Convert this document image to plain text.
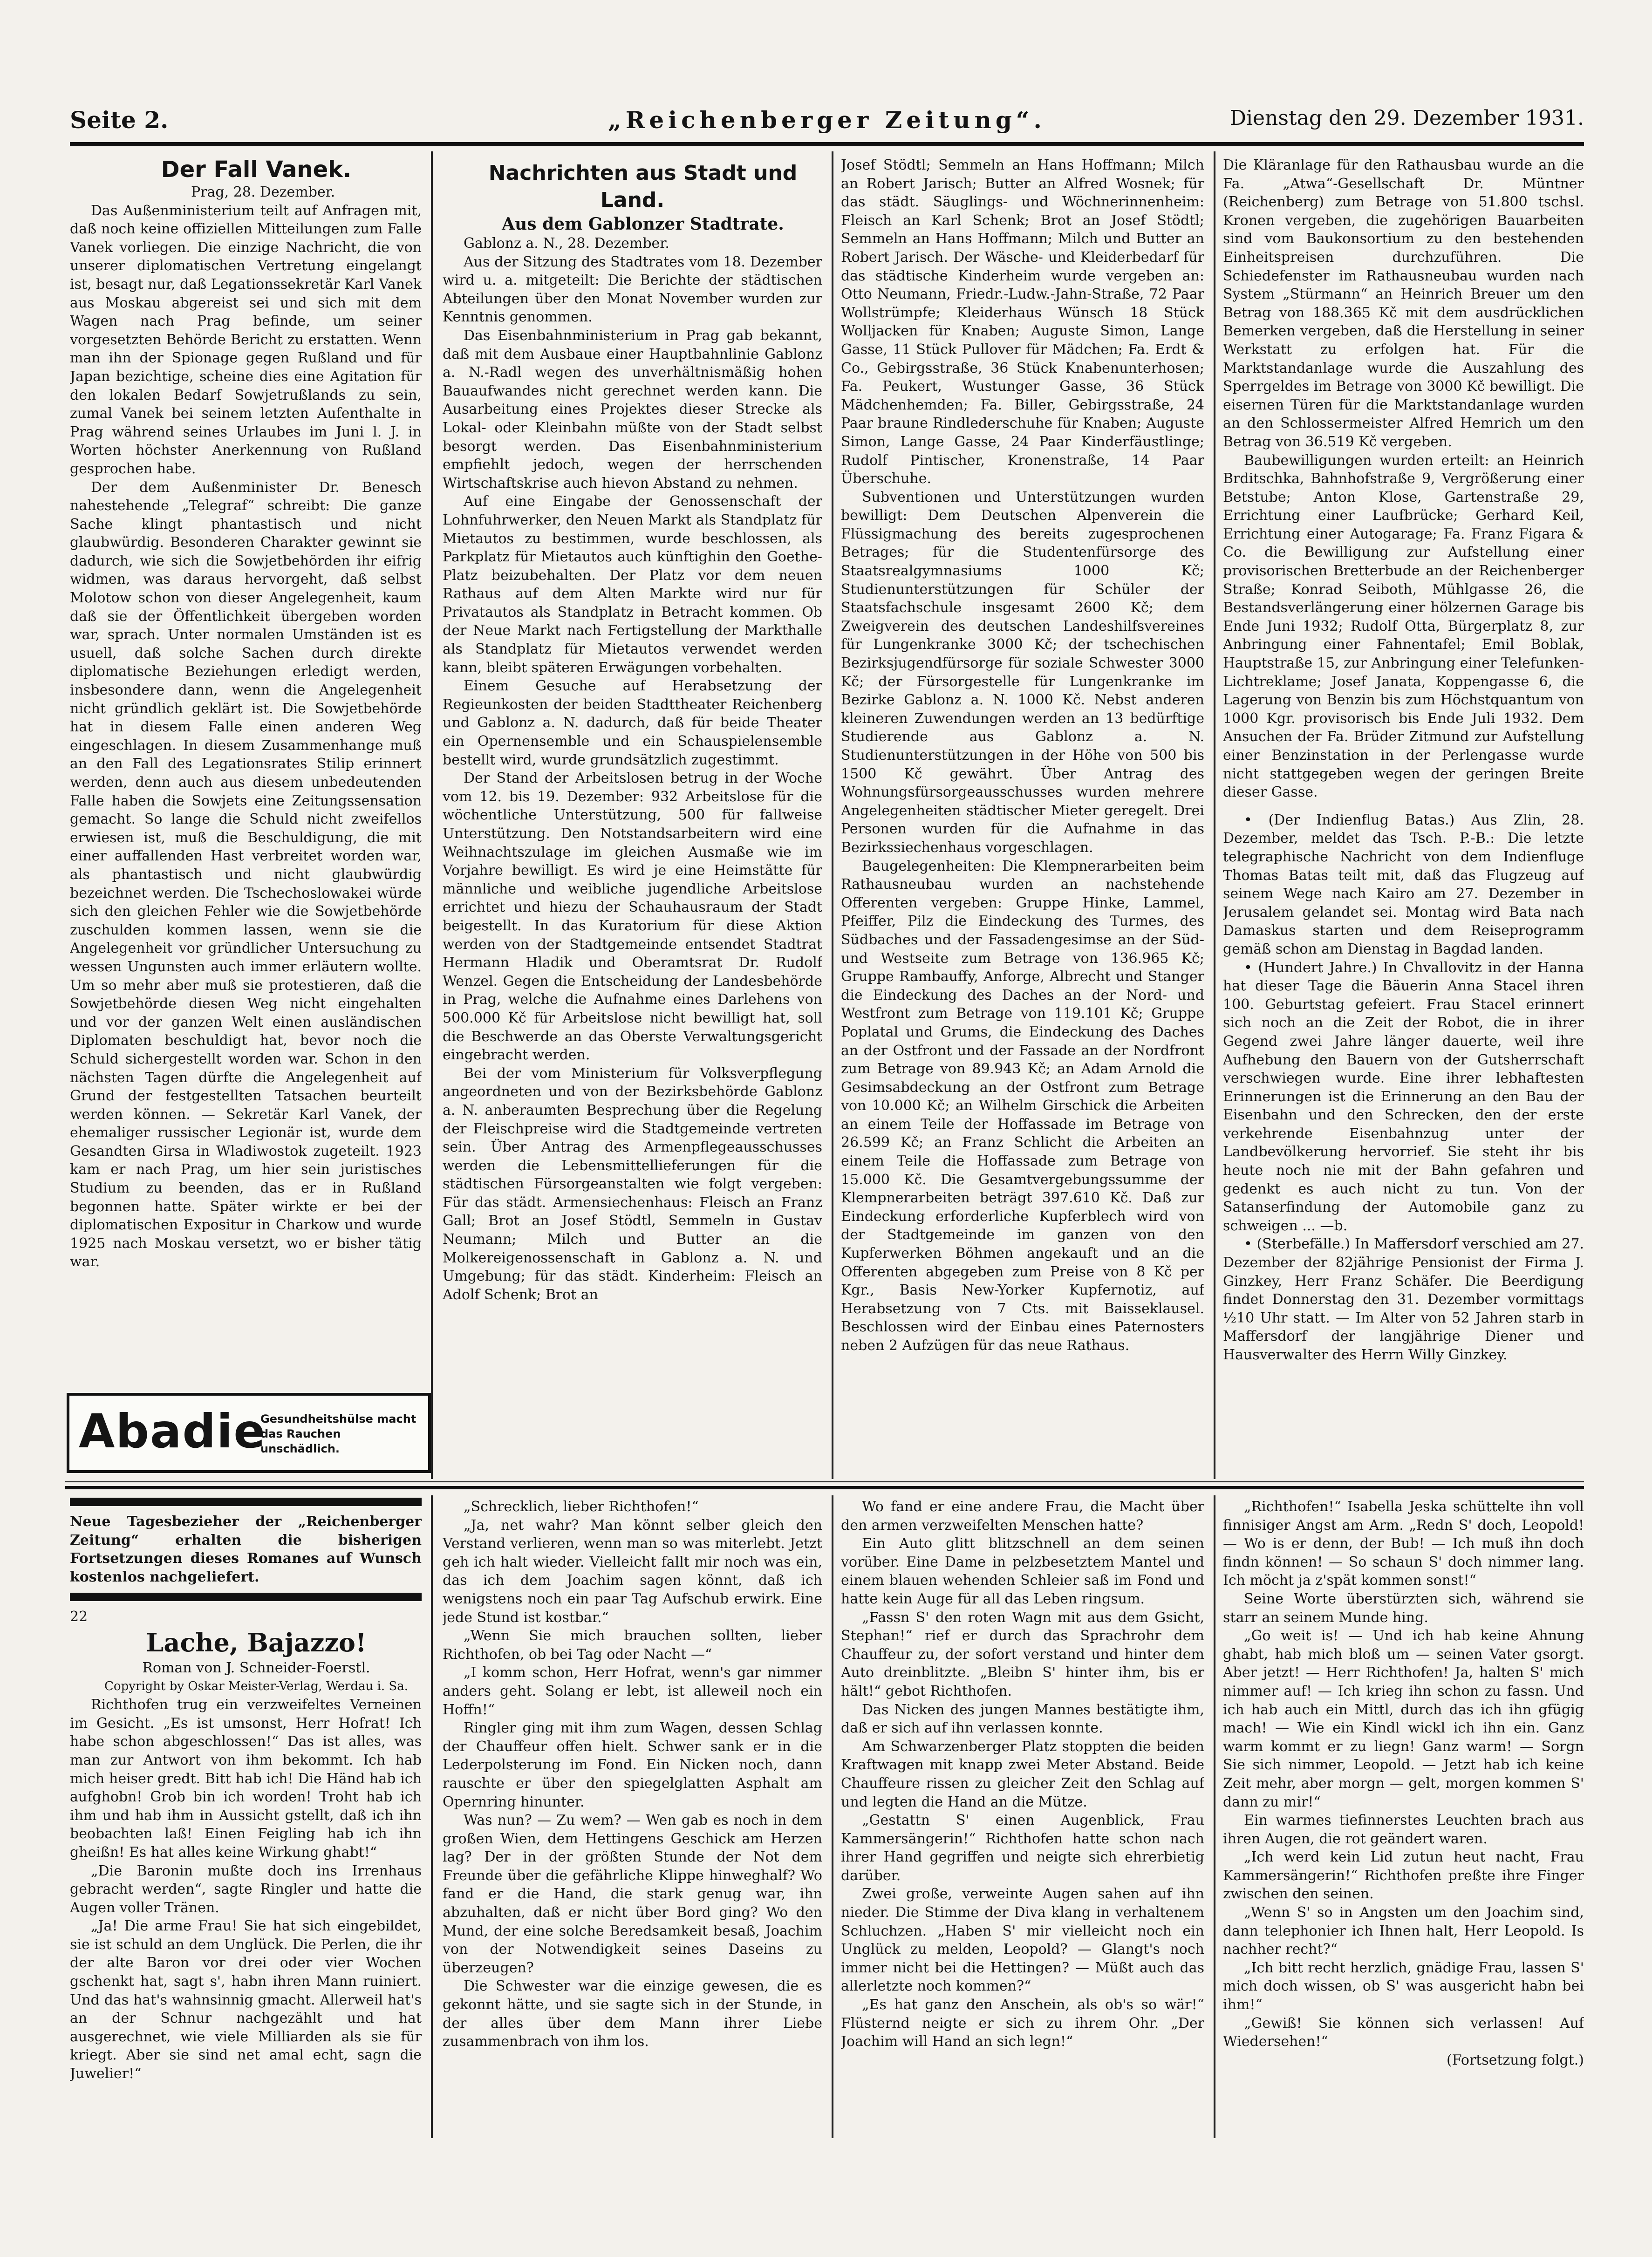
Seite 2.	„Reichenberger Zeitung“.	Dienstag den 29. Dezember 1931.

Der Fall Vanek.

Prag, 28. Dezember.

Das Außenministerium teilt auf Anfragen mit, daß noch keine offiziellen Mitteilungen zum Falle Vanek vorliegen. Die einzige Nachricht, die von unserer diplomatischen Vertretung eingelangt ist, besagt nur, daß Legationssekretär Karl Vanek aus Moskau abgereist sei und sich mit dem Wagen nach Prag befinde, um seiner vorgesetzten Behörde Bericht zu erstatten. Wenn man ihn der Spionage gegen Rußland und für Japan bezichtige, scheine dies eine Agitation für den lokalen Bedarf Sowjetrußlands zu sein, zumal Vanek bei seinem letzten Aufenthalte in Prag während seines Urlaubes im Juni l. J. in Worten höchster Anerkennung von Rußland gesprochen habe.

Der dem Außenminister Dr. Benesch nahestehende „Telegraf“ schreibt: Die ganze Sache klingt phantastisch und nicht glaubwürdig. Besonderen Charakter gewinnt sie dadurch, wie sich die Sowjetbehörden ihr eifrig widmen, was daraus hervorgeht, daß selbst Molotow schon von dieser Angelegenheit, kaum daß sie der Öffentlichkeit übergeben worden war, sprach. Unter normalen Umständen ist es usuell, daß solche Sachen durch direkte diplomatische Beziehungen erledigt werden, insbesondere dann, wenn die Angelegenheit nicht gründlich geklärt ist. Die Sowjetbehörde hat in diesem Falle einen anderen Weg eingeschlagen. In diesem Zusammenhange muß an den Fall des Legationsrates Stilip erinnert werden, denn auch aus diesem unbedeutenden Falle haben die Sowjets eine Zeitungssensation gemacht. So lange die Schuld nicht zweifellos erwiesen ist, muß die Beschuldigung, die mit einer auffallenden Hast verbreitet worden war, als phantastisch und nicht glaubwürdig bezeichnet werden. Die Tschechoslowakei würde sich den gleichen Fehler wie die Sowjetbehörde zuschulden kommen lassen, wenn sie die Angelegenheit vor gründlicher Untersuchung zu wessen Ungunsten auch immer erläutern wollte. Um so mehr aber muß sie protestieren, daß die Sowjetbehörde diesen Weg nicht eingehalten und vor der ganzen Welt einen ausländischen Diplomaten beschuldigt hat, bevor noch die Schuld sichergestellt worden war. Schon in den nächsten Tagen dürfte die Angelegenheit auf Grund der festgestellten Tatsachen beurteilt werden können. — Sekretär Karl Vanek, der ehemaliger russischer Legionär ist, wurde dem Gesandten Girsa in Wladiwostok zugeteilt. 1923 kam er nach Prag, um hier sein juristisches Studium zu beenden, das er in Rußland begonnen hatte. Später wirkte er bei der diplomatischen Expositur in Charkow und wurde 1925 nach Moskau versetzt, wo er bisher tätig war.

Abadie
Gesundheitshülse macht das Rauchen unschädlich.

Nachrichten aus Stadt und Land.

Aus dem Gablonzer Stadtrate.

Gablonz a. N., 28. Dezember.

Aus der Sitzung des Stadtrates vom 18. Dezember wird u. a. mitgeteilt: Die Berichte der städtischen Abteilungen über den Monat November wurden zur Kenntnis genommen.

Das Eisenbahnministerium in Prag gab bekannt, daß mit dem Ausbaue einer Hauptbahnlinie Gablonz a. N.-Radl wegen des unverhältnismäßig hohen Bauaufwandes nicht gerechnet werden kann. Die Ausarbeitung eines Projektes dieser Strecke als Lokal- oder Kleinbahn müßte von der Stadt selbst besorgt werden. Das Eisenbahnministerium empfiehlt jedoch, wegen der herrschenden Wirtschaftskrise auch hievon Abstand zu nehmen.

Auf eine Eingabe der Genossenschaft der Lohnfuhrwerker, den Neuen Markt als Standplatz für Mietautos zu bestimmen, wurde beschlossen, als Parkplatz für Mietautos auch künftighin den Goethe-Platz beizubehalten. Der Platz vor dem neuen Rathaus auf dem Alten Markte wird nur für Privatautos als Standplatz in Betracht kommen. Ob der Neue Markt nach Fertigstellung der Markthalle als Standplatz für Mietautos verwendet werden kann, bleibt späteren Erwägungen vorbehalten.

Einem Gesuche auf Herabsetzung der Regieunkosten der beiden Stadttheater Reichenberg und Gablonz a. N. dadurch, daß für beide Theater ein Opernensemble und ein Schauspielensemble bestellt wird, wurde grundsätzlich zugestimmt.

Der Stand der Arbeitslosen betrug in der Woche vom 12. bis 19. Dezember: 932 Arbeitslose für die wöchentliche Unterstützung, 500 für fallweise Unterstützung. Den Notstandsarbeitern wird eine Weihnachtszulage im gleichen Ausmaße wie im Vorjahre bewilligt. Es wird je eine Heimstätte für männliche und weibliche jugendliche Arbeitslose errichtet und hiezu der Schauhausraum der Stadt beigestellt. In das Kuratorium für diese Aktion werden von der Stadtgemeinde entsendet Stadtrat Hermann Hladik und Oberamtsrat Dr. Rudolf Wenzel. Gegen die Entscheidung der Landesbehörde in Prag, welche die Aufnahme eines Darlehens von 500.000 Kč für Arbeitslose nicht bewilligt hat, soll die Beschwerde an das Oberste Verwaltungsgericht eingebracht werden.

Bei der vom Ministerium für Volksverpflegung angeordneten und von der Bezirksbehörde Gablonz a. N. anberaumten Besprechung über die Regelung der Fleischpreise wird die Stadtgemeinde vertreten sein. Über Antrag des Armenpflegeausschusses werden die Lebensmittellieferungen für die städtischen Fürsorgeanstalten wie folgt vergeben: Für das städt. Armensiechenhaus: Fleisch an Franz Gall; Brot an Josef Stödtl, Semmeln in Gustav Neumann; Milch und Butter an die Molkereigenossenschaft in Gablonz a. N. und Umgebung; für das städt. Kinderheim: Fleisch an Adolf Schenk; Brot an

Josef Stödtl; Semmeln an Hans Hoffmann; Milch an Robert Jarisch; Butter an Alfred Wosnek; für das städt. Säuglings- und Wöchnerinnenheim: Fleisch an Karl Schenk; Brot an Josef Stödtl; Semmeln an Hans Hoffmann; Milch und Butter an Robert Jarisch. Der Wäsche- und Kleiderbedarf für das städtische Kinderheim wurde vergeben an: Otto Neumann, Friedr.-Ludw.-Jahn-Straße, 72 Paar Wollstrümpfe; Kleiderhaus Wünsch 18 Stück Wolljacken für Knaben; Auguste Simon, Lange Gasse, 11 Stück Pullover für Mädchen; Fa. Erdt & Co., Gebirgsstraße, 36 Stück Knabenunterhosen; Fa. Peukert, Wustunger Gasse, 36 Stück Mädchenhemden; Fa. Biller, Gebirgsstraße, 24 Paar braune Rindlederschuhe für Knaben; Auguste Simon, Lange Gasse, 24 Paar Kinderfäustlinge; Rudolf Pintischer, Kronenstraße, 14 Paar Überschuhe.

Subventionen und Unterstützungen wurden bewilligt: Dem Deutschen Alpenverein die Flüssigmachung des bereits zugesprochenen Betrages; für die Studentenfürsorge des Staatsrealgymnasiums 1000 Kč; Studienunterstützungen für Schüler der Staatsfachschule insgesamt 2600 Kč; dem Zweigverein des deutschen Landeshilfsvereines für Lungenkranke 3000 Kč; der tschechischen Bezirksjugendfürsorge für soziale Schwester 3000 Kč; der Fürsorgestelle für Lungenkranke im Bezirke Gablonz a. N. 1000 Kč. Nebst anderen kleineren Zuwendungen werden an 13 bedürftige Studierende aus Gablonz a. N. Studienunterstützungen in der Höhe von 500 bis 1500 Kč gewährt. Über Antrag des Wohnungsfürsorgeausschusses wurden mehrere Angelegenheiten städtischer Mieter geregelt. Drei Personen wurden für die Aufnahme in das Bezirkssiechenhaus vorgeschlagen.

Baugelegenheiten: Die Klempnerarbeiten beim Rathausneubau wurden an nachstehende Offerenten vergeben: Gruppe Hinke, Lammel, Pfeiffer, Pilz die Eindeckung des Turmes, des Südbaches und der Fassadengesimse an der Süd- und Westseite zum Betrage von 136.965 Kč; Gruppe Rambauffy, Anforge, Albrecht und Stanger die Eindeckung des Daches an der Nord- und Westfront zum Betrage von 119.101 Kč; Gruppe Poplatal und Grums, die Eindeckung des Daches an der Ostfront und der Fassade an der Nordfront zum Betrage von 89.943 Kč; an Adam Arnold die Gesimsabdeckung an der Ostfront zum Betrage von 10.000 Kč; an Wilhelm Girschick die Arbeiten an einem Teile der Hoffassade im Betrage von 26.599 Kč; an Franz Schlicht die Arbeiten an einem Teile die Hoffassade zum Betrage von 15.000 Kč. Die Gesamtvergebungssumme der Klempnerarbeiten beträgt 397.610 Kč. Daß zur Eindeckung erforderliche Kupferblech wird von der Stadtgemeinde im ganzen von den Kupferwerken Böhmen angekauft und an die Offerenten abgegeben zum Preise von 8 Kč per Kgr., Basis New-Yorker Kupfernotiz, auf Herabsetzung von 7 Cts. mit Baisseklausel. Beschlossen wird der Einbau eines Paternosters neben 2 Aufzügen für das neue Rathaus.

Die Kläranlage für den Rathausbau wurde an die Fa. „Atwa“-Gesellschaft Dr. Müntner (Reichenberg) zum Betrage von 51.800 tschsl. Kronen vergeben, die zugehörigen Bauarbeiten sind vom Baukonsortium zu den bestehenden Einheitspreisen durchzuführen. Die Schiedefenster im Rathausneubau wurden nach System „Stürmann“ an Heinrich Breuer um den Betrag von 188.365 Kč mit dem ausdrücklichen Bemerken vergeben, daß die Herstellung in seiner Werkstatt zu erfolgen hat. Für die Marktstandanlage wurde die Auszahlung des Sperrgeldes im Betrage von 3000 Kč bewilligt. Die eisernen Türen für die Marktstandanlage wurden an den Schlossermeister Alfred Hemrich um den Betrag von 36.519 Kč vergeben.

Baubewilligungen wurden erteilt: an Heinrich Brditschka, Bahnhofstraße 9, Vergrößerung einer Betstube; Anton Klose, Gartenstraße 29, Errichtung einer Laufbrücke; Gerhard Keil, Errichtung einer Autogarage; Fa. Franz Figara & Co. die Bewilligung zur Aufstellung einer provisorischen Bretterbude an der Reichenberger Straße; Konrad Seiboth, Mühlgasse 26, die Bestandsverlängerung einer hölzernen Garage bis Ende Juni 1932; Rudolf Otta, Bürgerplatz 8, zur Anbringung einer Fahnentafel; Emil Boblak, Hauptstraße 15, zur Anbringung einer Telefunken-Lichtreklame; Josef Janata, Koppengasse 6, die Lagerung von Benzin bis zum Höchstquantum von 1000 Kgr. provisorisch bis Ende Juli 1932. Dem Ansuchen der Fa. Brüder Zitmund zur Aufstellung einer Benzinstation in der Perlengasse wurde nicht stattgegeben wegen der geringen Breite dieser Gasse.

• (Der Indienflug Batas.) Aus Zlin, 28. Dezember, meldet das Tsch. P.-B.: Die letzte telegraphische Nachricht von dem Indienfluge Thomas Batas teilt mit, daß das Flugzeug auf seinem Wege nach Kairo am 27. Dezember in Jerusalem gelandet sei. Montag wird Bata nach Damaskus starten und dem Reiseprogramm gemäß schon am Dienstag in Bagdad landen.

• (Hundert Jahre.) In Chvallovitz in der Hanna hat dieser Tage die Bäuerin Anna Stacel ihren 100. Geburtstag gefeiert. Frau Stacel erinnert sich noch an die Zeit der Robot, die in ihrer Gegend zwei Jahre länger dauerte, weil ihre Aufhebung den Bauern von der Gutsherrschaft verschwiegen wurde. Eine ihrer lebhaftesten Erinnerungen ist die Erinnerung an den Bau der Eisenbahn und den Schrecken, den der erste verkehrende Eisenbahnzug unter der Landbevölkerung hervorrief. Sie steht ihr bis heute noch nie mit der Bahn gefahren und gedenkt es auch nicht zu tun. Von der Satanserfindung der Automobile ganz zu schweigen ... —b.

• (Sterbefälle.) In Maffersdorf verschied am 27. Dezember der 82jährige Pensionist der Firma J. Ginzkey, Herr Franz Schäfer. Die Beerdigung findet Donnerstag den 31. Dezember vormittags ½10 Uhr statt. — Im Alter von 52 Jahren starb in Maffersdorf der langjährige Diener und Hausverwalter des Herrn Willy Ginzkey.

Neue Tagesbezieher der „Reichenberger Zeitung“ erhalten die bisherigen Fortsetzungen dieses Romanes auf Wunsch kostenlos nachgeliefert.

22

Lache, Bajazzo!

Roman von J. Schneider-Foerstl.

Copyright by Oskar Meister-Verlag, Werdau i. Sa.

Richthofen trug ein verzweifeltes Verneinen im Gesicht. „Es ist umsonst, Herr Hofrat! Ich habe schon abgeschlossen!“ Das ist alles, was man zur Antwort von ihm bekommt. Ich hab mich heiser gredt. Bitt hab ich! Die Händ hab ich aufghobn! Grob bin ich worden! Troht hab ich ihm und hab ihm in Aussicht gstellt, daß ich ihn beobachten laß! Einen Feigling hab ich ihn gheißn! Es hat alles keine Wirkung ghabt!“

„Die Baronin mußte doch ins Irrenhaus gebracht werden“, sagte Ringler und hatte die Augen voller Tränen.

„Ja! Die arme Frau! Sie hat sich eingebildet, sie ist schuld an dem Unglück. Die Perlen, die ihr der alte Baron vor drei oder vier Wochen gschenkt hat, sagt s', habn ihren Mann ruiniert. Und das hat's wahnsinnig gmacht. Allerweil hat's an der Schnur nachgezählt und hat ausgerechnet, wie viele Milliarden als sie für kriegt. Aber sie sind net amal echt, sagn die Juwelier!“

„Schrecklich, lieber Richthofen!“

„Ja, net wahr? Man könnt selber gleich den Verstand verlieren, wenn man so was miterlebt. Jetzt geh ich halt wieder. Vielleicht fallt mir noch was ein, das ich dem Joachim sagen könnt, daß ich wenigstens noch ein paar Tag Aufschub erwirk. Eine jede Stund ist kostbar.“

„Wenn Sie mich brauchen sollten, lieber Richthofen, ob bei Tag oder Nacht —“

„I komm schon, Herr Hofrat, wenn's gar nimmer anders geht. Solang er lebt, ist alleweil noch ein Hoffn!“

Ringler ging mit ihm zum Wagen, dessen Schlag der Chauffeur offen hielt. Schwer sank er in die Lederpolsterung im Fond. Ein Nicken noch, dann rauschte er über den spiegelglatten Asphalt am Opernring hinunter.

Was nun? — Zu wem? — Wen gab es noch in dem großen Wien, dem Hettingens Geschick am Herzen lag? Der in der größten Stunde der Not dem Freunde über die gefährliche Klippe hinweghalf? Wo fand er die Hand, die stark genug war, ihn abzuhalten, daß er nicht über Bord ging? Wo den Mund, der eine solche Beredsamkeit besaß, Joachim von der Notwendigkeit seines Daseins zu überzeugen?

Die Schwester war die einzige gewesen, die es gekonnt hätte, und sie sagte sich in der Stunde, in der alles über dem Mann ihrer Liebe zusammenbrach von ihm los.

Wo fand er eine andere Frau, die Macht über den armen verzweifelten Menschen hatte?

Ein Auto glitt blitzschnell an dem seinen vorüber. Eine Dame in pelzbesetztem Mantel und einem blauen wehenden Schleier saß im Fond und hatte kein Auge für all das Leben ringsum.

„Fassn S' den roten Wagn mit aus dem Gsicht, Stephan!“ rief er durch das Sprachrohr dem Chauffeur zu, der sofort verstand und hinter dem Auto dreinblitzte. „Bleibn S' hinter ihm, bis er hält!“ gebot Richthofen.

Das Nicken des jungen Mannes bestätigte ihm, daß er sich auf ihn verlassen konnte.

Am Schwarzenberger Platz stoppten die beiden Kraftwagen mit knapp zwei Meter Abstand. Beide Chauffeure rissen zu gleicher Zeit den Schlag auf und legten die Hand an die Mütze.

„Gestattn S' einen Augenblick, Frau Kammersängerin!“ Richthofen hatte schon nach ihrer Hand gegriffen und neigte sich ehrerbietig darüber.

Zwei große, verweinte Augen sahen auf ihn nieder. Die Stimme der Diva klang in verhaltenem Schluchzen. „Haben S' mir vielleicht noch ein Unglück zu melden, Leopold? — Glangt's noch immer nicht bei die Hettingen? — Müßt auch das allerletzte noch kommen?“

„Es hat ganz den Anschein, als ob's so wär!“ Flüsternd neigte er sich zu ihrem Ohr. „Der Joachim will Hand an sich legn!“

„Richthofen!“ Isabella Jeska schüttelte ihn voll finnisiger Angst am Arm. „Redn S' doch, Leopold! — Wo is er denn, der Bub! — Ich muß ihn doch findn können! — So schaun S' doch nimmer lang. Ich möcht ja z'spät kommen sonst!“

Seine Worte überstürzten sich, während sie starr an seinem Munde hing.

„Go weit is! — Und ich hab keine Ahnung ghabt, hab mich bloß um — seinen Vater gsorgt. Aber jetzt! — Herr Richthofen! Ja, halten S' mich nimmer auf! — Ich krieg ihn schon zu fassn. Und ich hab auch ein Mittl, durch das ich ihn gfügig mach! — Wie ein Kindl wickl ich ihn ein. Ganz warm kommt er zu liegn! Ganz warm! — Sorgn Sie sich nimmer, Leopold. — Jetzt hab ich keine Zeit mehr, aber morgn — gelt, morgen kommen S' dann zu mir!“

Ein warmes tiefinnerstes Leuchten brach aus ihren Augen, die rot geändert waren.

„Ich werd kein Lid zutun heut nacht, Frau Kammersängerin!“ Richthofen preßte ihre Finger zwischen den seinen.

„Wenn S' so in Angsten um den Joachim sind, dann telephonier ich Ihnen halt, Herr Leopold. Is nachher recht?“

„Ich bitt recht herzlich, gnädige Frau, lassen S' mich doch wissen, ob S' was ausgericht habn bei ihm!“

„Gewiß! Sie können sich verlassen! Auf Wiedersehen!“

(Fortsetzung folgt.)
